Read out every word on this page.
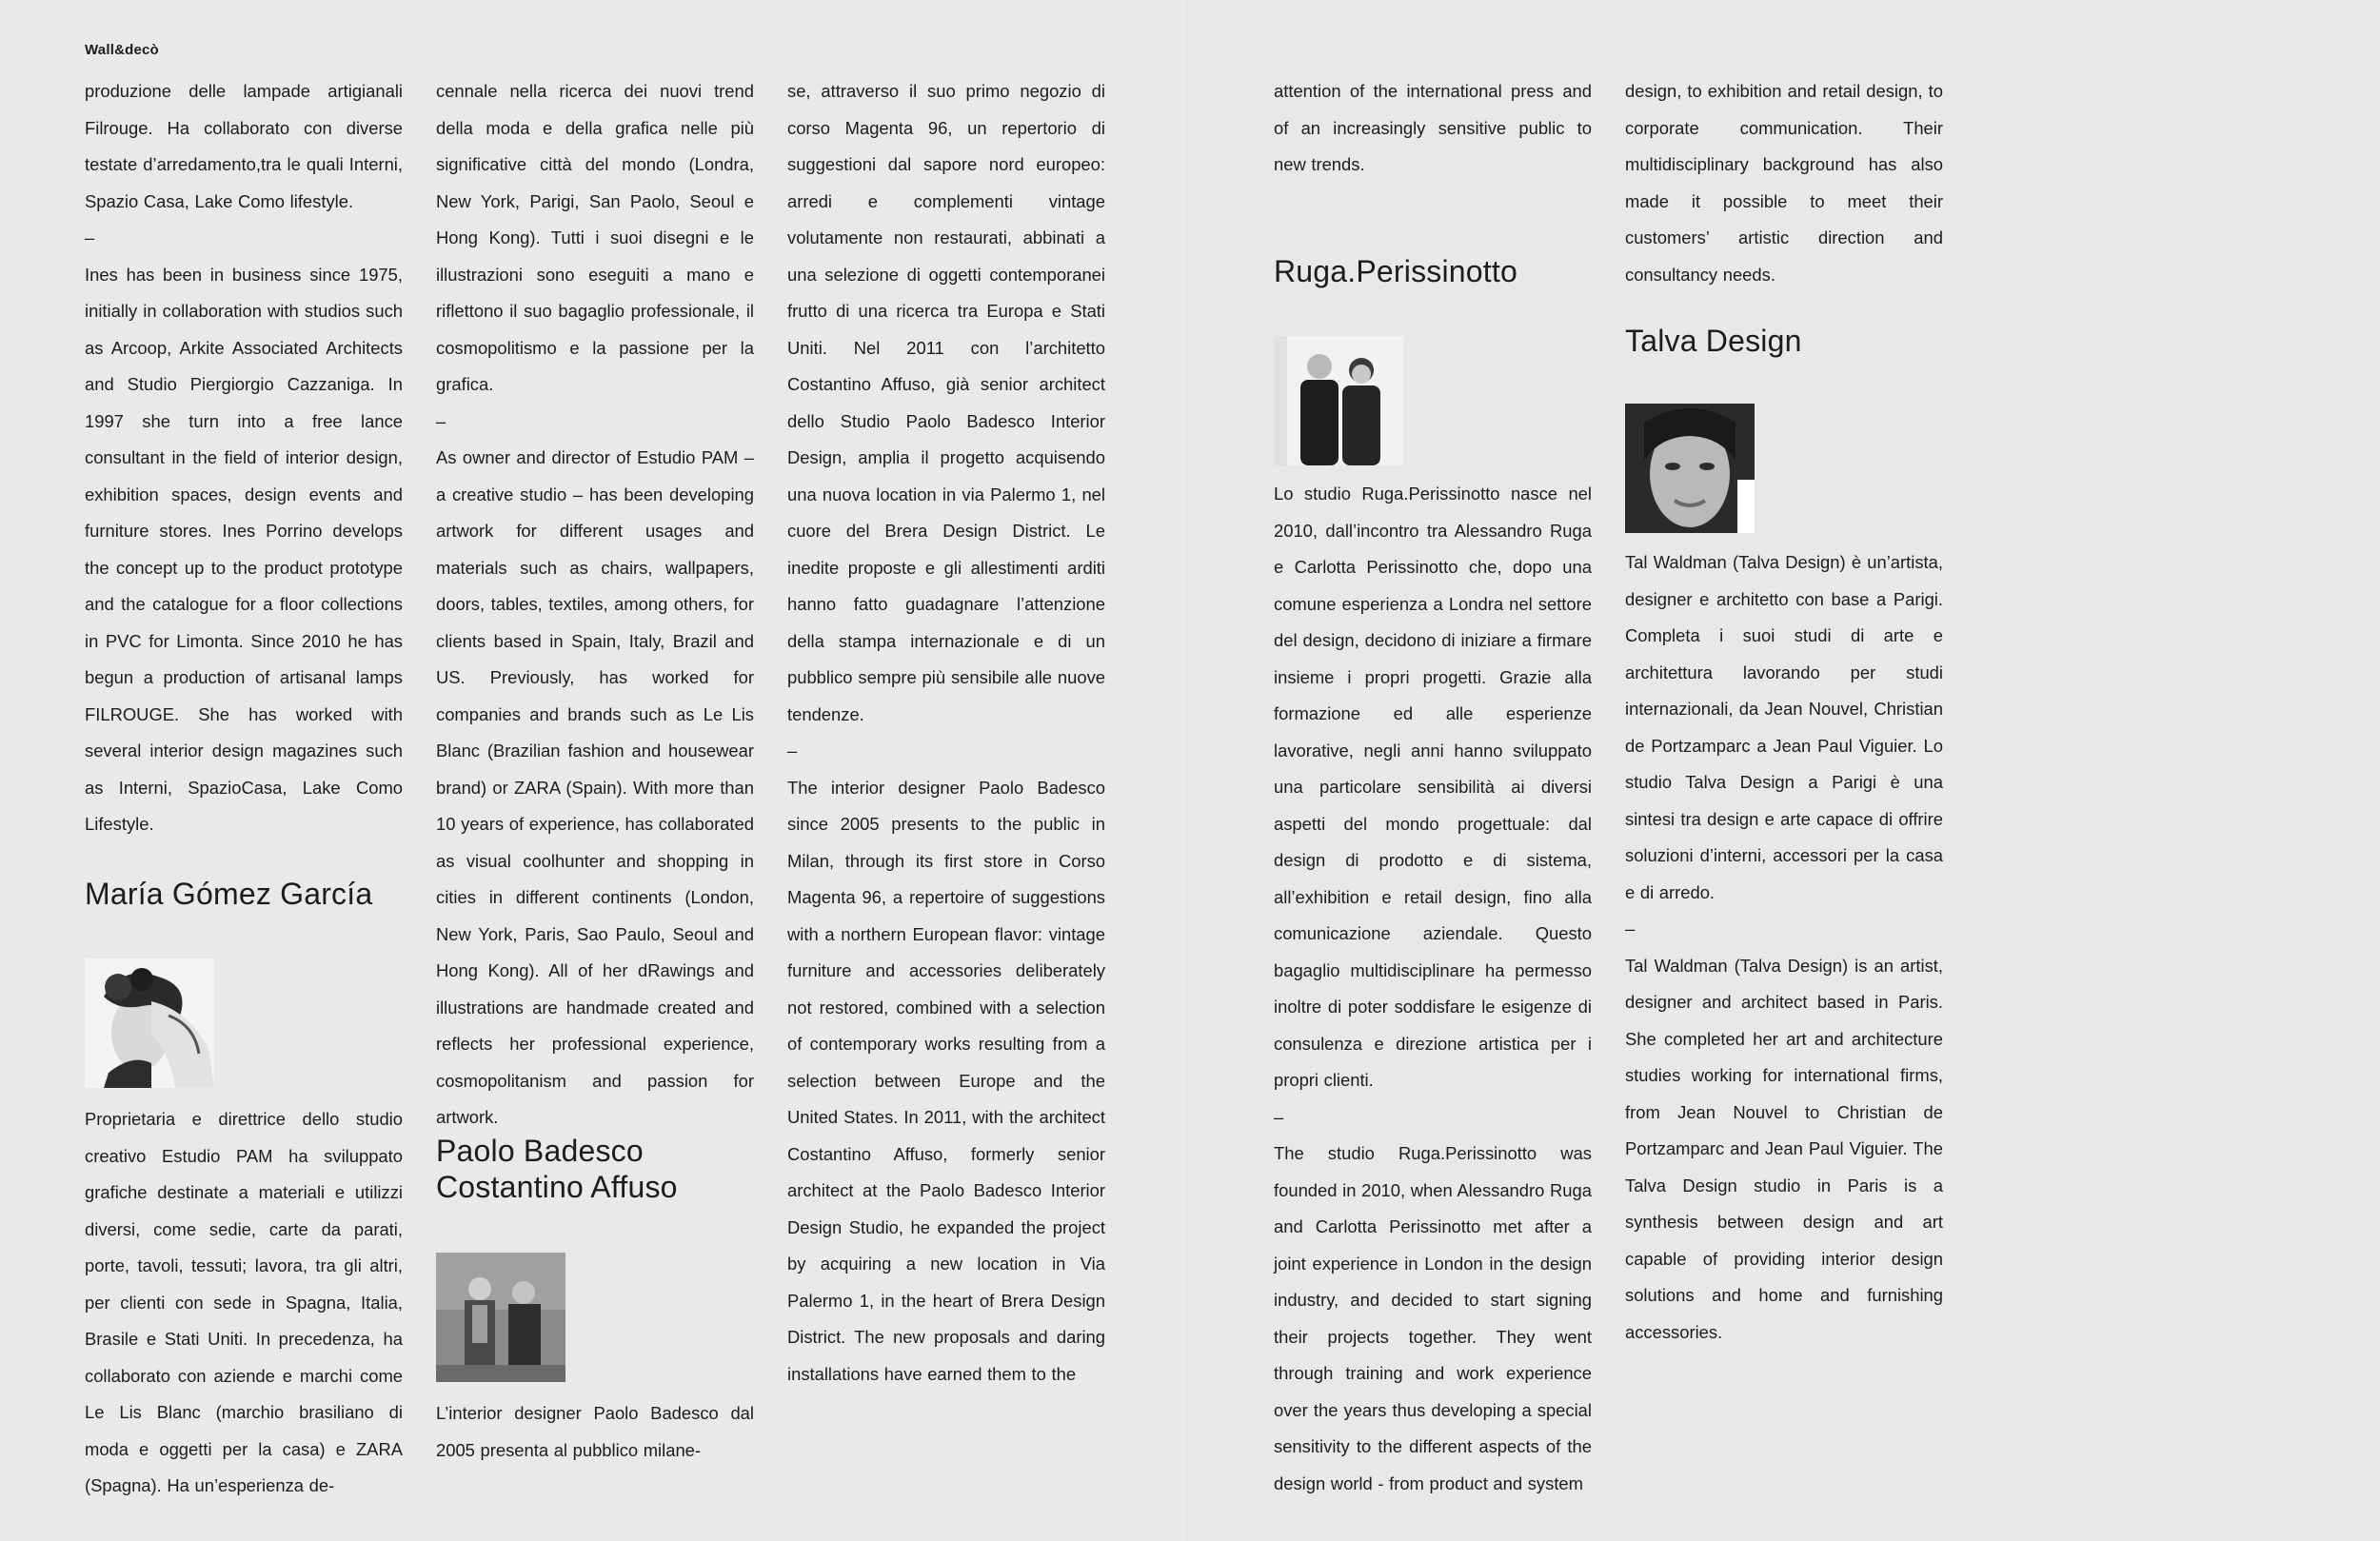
Wall&decò

produzione delle lampade artigianali Filrouge. Ha collaborato con diverse testate d’arredamento,tra le quali Interni, Spazio Casa, Lake Como lifestyle.

–

Ines has been in business since 1975, initially in collaboration with studios such as Arcoop, Arkite Associated Architects and Studio Piergiorgio Cazzaniga. In 1997 she turn into a free lance consultant in the field of interior design, exhibition spaces, design events and furniture stores. Ines Porrino develops the concept up to the product prototype and the catalogue for a floor collections in PVC for Limonta. Since 2010 he has begun a production of artisanal lamps FILROUGE. She has worked with several interior design magazines such as Interni, SpazioCasa, Lake Como Lifestyle.

María Gómez García

Proprietaria e direttrice dello studio creativo Estudio PAM ha sviluppato grafiche destinate a materiali e utilizzi diversi, come sedie, carte da parati, porte, tavoli, tessuti; lavora, tra gli altri, per clienti con sede in Spagna, Italia, Brasile e Stati Uniti. In precedenza, ha collaborato con aziende e marchi come Le Lis Blanc (marchio brasiliano di moda e oggetti per la casa) e ZARA (Spagna). Ha un’esperienza de-

cennale nella ricerca dei nuovi trend della moda e della grafica nelle più significative città del mondo (Londra, New York, Parigi, San Paolo, Seoul e Hong Kong). Tutti i suoi disegni e le illustrazioni sono eseguiti a mano e riflettono il suo bagaglio professionale, il cosmopolitismo e la passione per la grafica.

–

As owner and director of Estudio PAM – a creative studio – has been developing artwork for different usages and materials such as chairs, wallpapers, doors, tables, textiles, among others, for clients based in Spain, Italy, Brazil and US. Previously, has worked for companies and brands such as Le Lis Blanc (Brazilian fashion and housewear brand) or ZARA (Spain). With more than 10 years of experience, has collaborated as visual coolhunter and shopping in cities in different continents (London, New York, Paris, Sao Paulo, Seoul and Hong Kong). All of her dRawings and illustrations are handmade created and reflects her professional experience, cosmopolitanism and passion for artwork.

Paolo Badesco
Costantino Affuso

L’interior designer Paolo Badesco dal 2005 presenta al pubblico milane-

se, attraverso il suo primo negozio di corso Magenta 96, un repertorio di suggestioni dal sapore nord europeo: arredi e complementi vintage volutamente non restaurati, abbinati a una selezione di oggetti contemporanei frutto di una ricerca tra Europa e Stati Uniti. Nel 2011 con l’architetto Costantino Affuso, già senior architect dello Studio Paolo Badesco Interior Design, amplia il progetto acquisendo una nuova location in via Palermo 1, nel cuore del Brera Design District. Le inedite proposte e gli allestimenti arditi hanno fatto guadagnare l’attenzione della stampa internazionale e di un pubblico sempre più sensibile alle nuove tendenze.

–

The interior designer Paolo Badesco since 2005 presents to the public in Milan, through its first store in Corso Magenta 96, a repertoire of suggestions with a northern European flavor: vintage furniture and accessories deliberately not restored, combined with a selection of contemporary works resulting from a selection between Europe and the United States. In 2011, with the architect Costantino Affuso, formerly senior architect at the Paolo Badesco Interior Design Studio, he expanded the project by acquiring a new location in Via Palermo 1, in the heart of Brera Design District. The new proposals and daring installations have earned them to the

attention of the international press and of an increasingly sensitive public to new trends.

Ruga.Perissinotto

Lo studio Ruga.Perissinotto nasce nel 2010, dall’incontro tra Alessandro Ruga e Carlotta Perissinotto che, dopo una comune esperienza a Londra nel settore del design, decidono di iniziare a firmare insieme i propri progetti. Grazie alla formazione ed alle esperienze lavorative, negli anni hanno sviluppato una particolare sensibilità ai diversi aspetti del mondo progettuale: dal design di prodotto e di sistema, all’exhibition e retail design, fino alla comunicazione aziendale. Questo bagaglio multidisciplinare ha permesso inoltre di poter soddisfare le esigenze di consulenza e direzione artistica per i propri clienti.

–

The studio Ruga.Perissinotto was founded in 2010, when Alessandro Ruga and Carlotta Perissinotto met after a joint experience in London in the design industry, and decided to start signing their projects together. They went through training and work experience over the years thus developing a special sensitivity to the different aspects of the design world - from product and system

design, to exhibition and retail design, to corporate communication. Their multidisciplinary background has also made it possible to meet their customers’ artistic direction and consultancy needs.

Talva Design

Tal Waldman (Talva Design) è un’artista, designer e architetto con base a Parigi. Completa i suoi studi di arte e architettura lavorando per studi internazionali, da Jean Nouvel, Christian de Portzamparc a Jean Paul Viguier. Lo studio Talva Design a Parigi è una sintesi tra design e arte capace di offrire soluzioni d’interni, accessori per la casa e di arredo.

–

Tal Waldman (Talva Design) is an artist, designer and architect based in Paris. She completed her art and architecture studies working for international firms, from Jean Nouvel to Christian de Portzamparc and Jean Paul Viguier. The Talva Design studio in Paris is a synthesis between design and art capable of providing interior design solutions and home and furnishing accessories.
